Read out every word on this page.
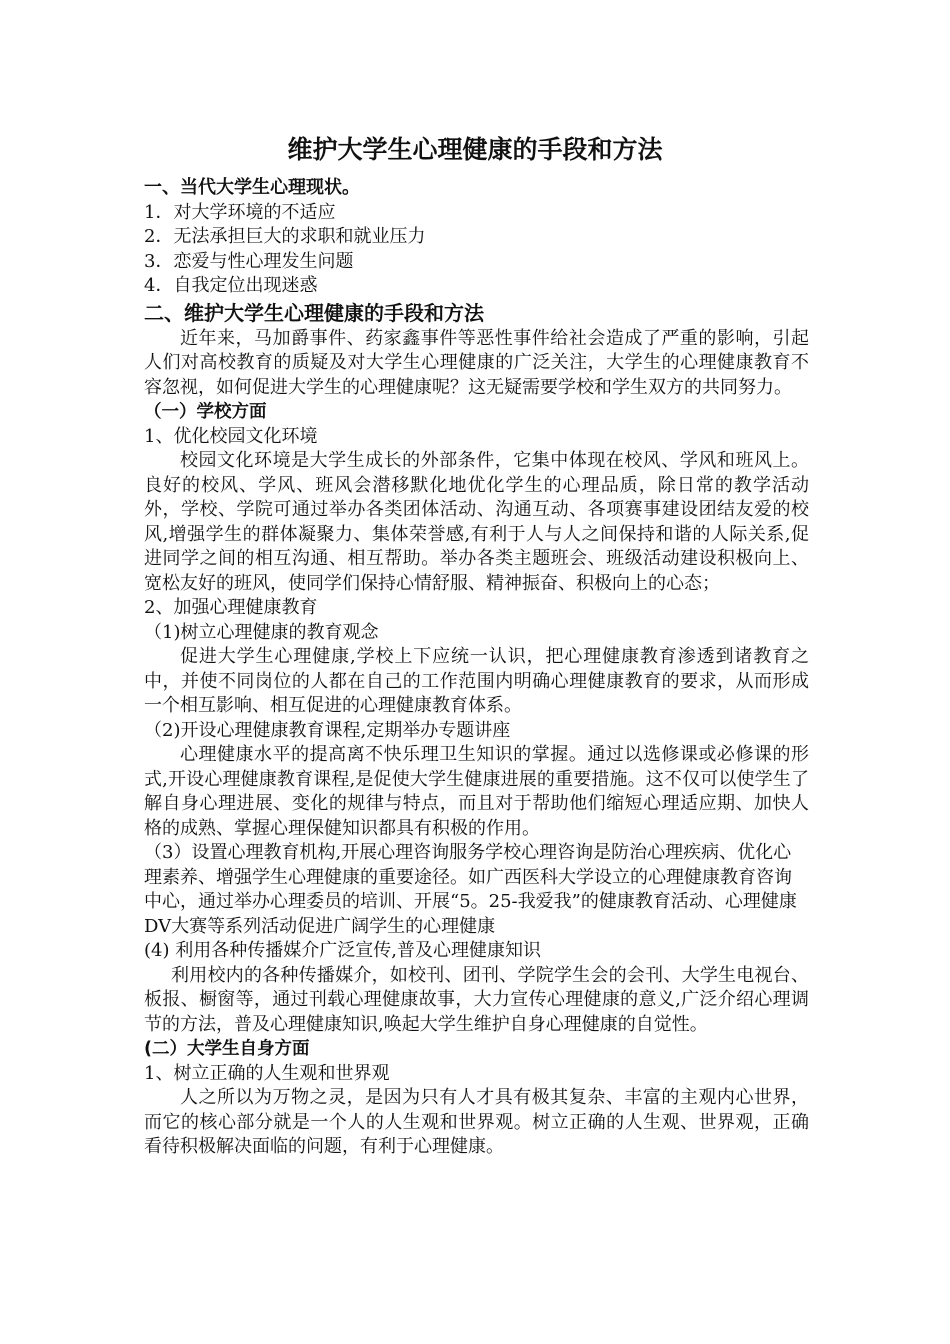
维护大学生心理健康的手段和方法

一、当代大学生心理现状。

1．对大学环境的不适应

2．无法承担巨大的求职和就业压力

3．恋爱与性心理发生问题

4．自我定位出现迷惑

二、维护大学生心理健康的手段和方法

近年来，马加爵事件、药家鑫事件等恶性事件给社会造成了严重的影响，引起人们对高校教育的质疑及对大学生心理健康的广泛关注，大学生的心理健康教育不容忽视，如何促进大学生的心理健康呢？这无疑需要学校和学生双方的共同努力。

（一）学校方面

1、优化校园文化环境

校园文化环境是大学生成长的外部条件，它集中体现在校风、学风和班风上。良好的校风、学风、班风会潜移默化地优化学生的心理品质，除日常的教学活动外，学校、学院可通过举办各类团体活动、沟通互动、各项赛事建设团结友爱的校风,增强学生的群体凝聚力、集体荣誉感,有利于人与人之间保持和谐的人际关系,促进同学之间的相互沟通、相互帮助。举办各类主题班会、班级活动建设积极向上、宽松友好的班风，使同学们保持心情舒服、精神振奋、积极向上的心态；

2、加强心理健康教育

（1)树立心理健康的教育观念

促进大学生心理健康,学校上下应统一认识，把心理健康教育渗透到诸教育之中，并使不同岗位的人都在自己的工作范围内明确心理健康教育的要求，从而形成一个相互影响、相互促进的心理健康教育体系。

（2)开设心理健康教育课程,定期举办专题讲座

心理健康水平的提高离不快乐理卫生知识的掌握。通过以选修课或必修课的形式,开设心理健康教育课程,是促使大学生健康进展的重要措施。这不仅可以使学生了解自身心理进展、变化的规律与特点，而且对于帮助他们缩短心理适应期、加快人格的成熟、掌握心理保健知识都具有积极的作用。

（3）设置心理教育机构,开展心理咨询服务学校心理咨询是防治心理疾病、优化心理素养、增强学生心理健康的重要途径。如广西医科大学设立的心理健康教育咨询中心，通过举办心理委员的培训、开展“5。25-我爱我”的健康教育活动、心理健康DV大赛等系列活动促进广阔学生的心理健康

(4) 利用各种传播媒介广泛宣传,普及心理健康知识

利用校内的各种传播媒介，如校刊、团刊、学院学生会的会刊、大学生电视台、板报、橱窗等，通过刊载心理健康故事，大力宣传心理健康的意义,广泛介绍心理调节的方法，普及心理健康知识,唤起大学生维护自身心理健康的自觉性。

(二）大学生自身方面

1、树立正确的人生观和世界观

人之所以为万物之灵，是因为只有人才具有极其复杂、丰富的主观内心世界，而它的核心部分就是一个人的人生观和世界观。树立正确的人生观、世界观，正确看待积极解决面临的问题，有利于心理健康。
